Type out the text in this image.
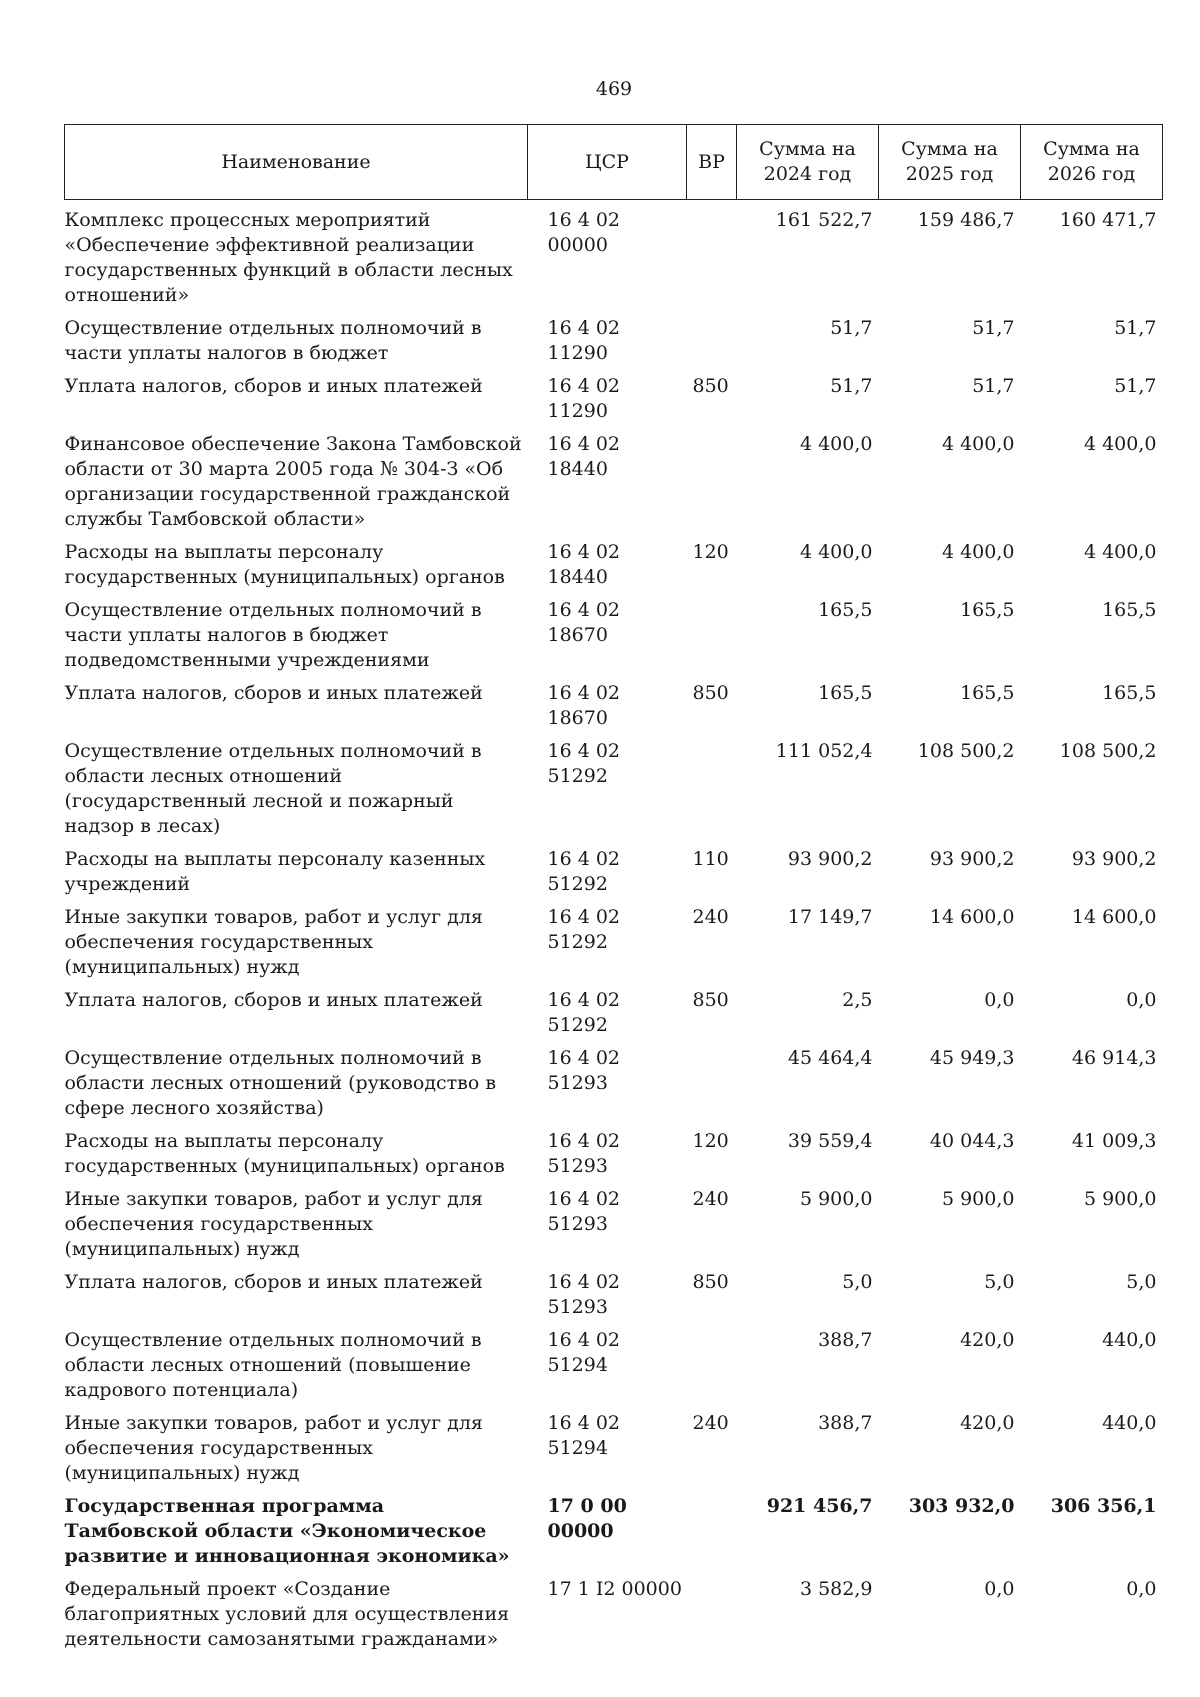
469
Наименование	ЦСР	ВР	Сумма на 2024 год	Сумма на 2025 год	Сумма на 2026 год
Комплекс процессных мероприятий «Обеспечение эффективной реализации государственных функций в области лесных отношений»	16 4 02 00000		161 522,7	159 486,7	160 471,7
Осуществление отдельных полномочий в части уплаты налогов в бюджет	16 4 02 11290		51,7	51,7	51,7
Уплата налогов, сборов и иных платежей	16 4 02 11290	850	51,7	51,7	51,7
Финансовое обеспечение Закона Тамбовской области от 30 марта 2005 года № 304-З «Об организации государственной гражданской службы Тамбовской области»	16 4 02 18440		4 400,0	4 400,0	4 400,0
Расходы на выплаты персоналу государственных (муниципальных) органов	16 4 02 18440	120	4 400,0	4 400,0	4 400,0
Осуществление отдельных полномочий в части уплаты налогов в бюджет подведомственными учреждениями	16 4 02 18670		165,5	165,5	165,5
Уплата налогов, сборов и иных платежей	16 4 02 18670	850	165,5	165,5	165,5
Осуществление отдельных полномочий в области лесных отношений (государственный лесной и пожарный надзор в лесах)	16 4 02 51292		111 052,4	108 500,2	108 500,2
Расходы на выплаты персоналу казенных учреждений	16 4 02 51292	110	93 900,2	93 900,2	93 900,2
Иные закупки товаров, работ и услуг для обеспечения государственных (муниципальных) нужд	16 4 02 51292	240	17 149,7	14 600,0	14 600,0
Уплата налогов, сборов и иных платежей	16 4 02 51292	850	2,5	0,0	0,0
Осуществление отдельных полномочий в области лесных отношений (руководство в сфере лесного хозяйства)	16 4 02 51293		45 464,4	45 949,3	46 914,3
Расходы на выплаты персоналу государственных (муниципальных) органов	16 4 02 51293	120	39 559,4	40 044,3	41 009,3
Иные закупки товаров, работ и услуг для обеспечения государственных (муниципальных) нужд	16 4 02 51293	240	5 900,0	5 900,0	5 900,0
Уплата налогов, сборов и иных платежей	16 4 02 51293	850	5,0	5,0	5,0
Осуществление отдельных полномочий в области лесных отношений (повышение кадрового потенциала)	16 4 02 51294		388,7	420,0	440,0
Иные закупки товаров, работ и услуг для обеспечения государственных (муниципальных) нужд	16 4 02 51294	240	388,7	420,0	440,0
Государственная программа Тамбовской области «Экономическое развитие и инновационная экономика»	17 0 00 00000		921 456,7	303 932,0	306 356,1
Федеральный проект «Создание благоприятных условий для осуществления деятельности самозанятыми гражданами»	17 1 I2 00000		3 582,9	0,0	0,0
